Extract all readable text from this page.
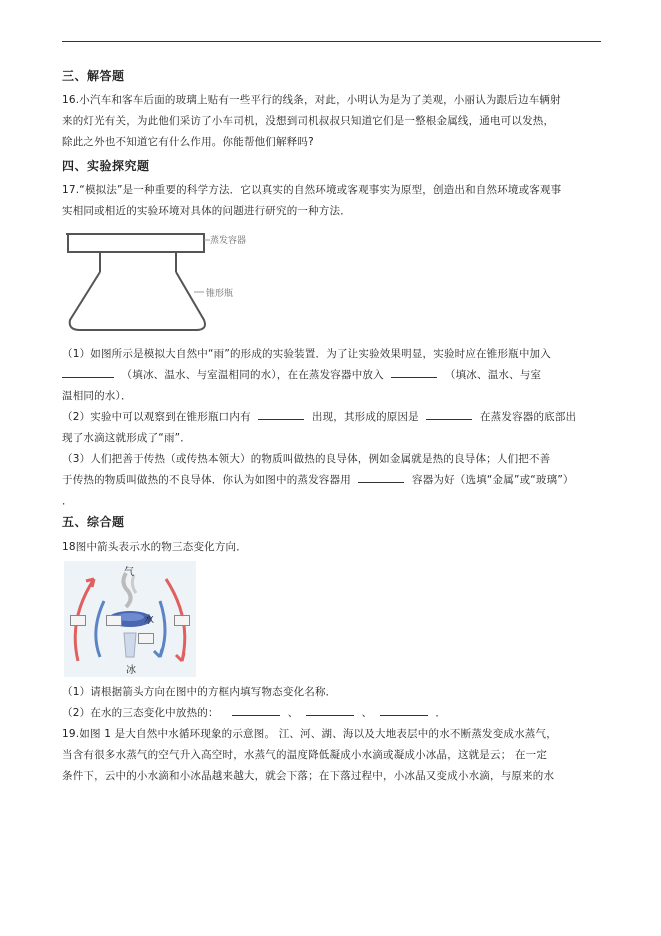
三、解答题
16.小汽车和客车后面的玻璃上贴有一些平行的线条，对此，小明认为是为了美观，小丽认为跟后边车辆射
来的灯光有关，为此他们采访了小车司机，没想到司机叔叔只知道它们是一整根金属线，通电可以发热，
除此之外也不知道它有什么作用。你能帮他们解释吗?
四、实验探究题
17.“模拟法”是一种重要的科学方法．它以真实的自然环境或客观事实为原型，创造出和自然环境或客观事
实相同或相近的实验环境对具体的问题进行研究的一种方法．
蒸发容器
锥形瓶
（1）如图所示是模拟大自然中“雨”的形成的实验装置．为了让实验效果明显，实验时应在锥形瓶中加入
（填冰、温水、与室温相同的水），在在蒸发容器中放入	（填冰、温水、与室
温相同的水）．
（2）实验中可以观察到在锥形瓶口内有	出现，其形成的原因是	在蒸发容器的底部出
现了水滴这就形成了“雨”．
（3）人们把善于传热（或传热本领大）的物质叫做热的良导体，例如金属就是热的良导体；人们把不善
于传热的物质叫做热的不良导体．你认为如图中的蒸发容器用	容器为好（选填“金属”或“玻璃”）
．
五、综合题
18图中箭头表示水的物三态变化方向．
气
水
冰
（1）请根据箭头方向在图中的方框内填写物态变化名称．
（2）在水的三态变化中放热的：	、	、	．
19.如图 1 是大自然中水循环现象的示意图。 江、河、湖、海以及大地表层中的水不断蒸发变成水蒸气，
当含有很多水蒸气的空气升入高空时，水蒸气的温度降低凝成小水滴或凝成小冰晶，这就是云； 在一定
条件下，云中的小水滴和小冰晶越来越大，就会下落；在下落过程中，小冰晶又变成小水滴，与原来的水
